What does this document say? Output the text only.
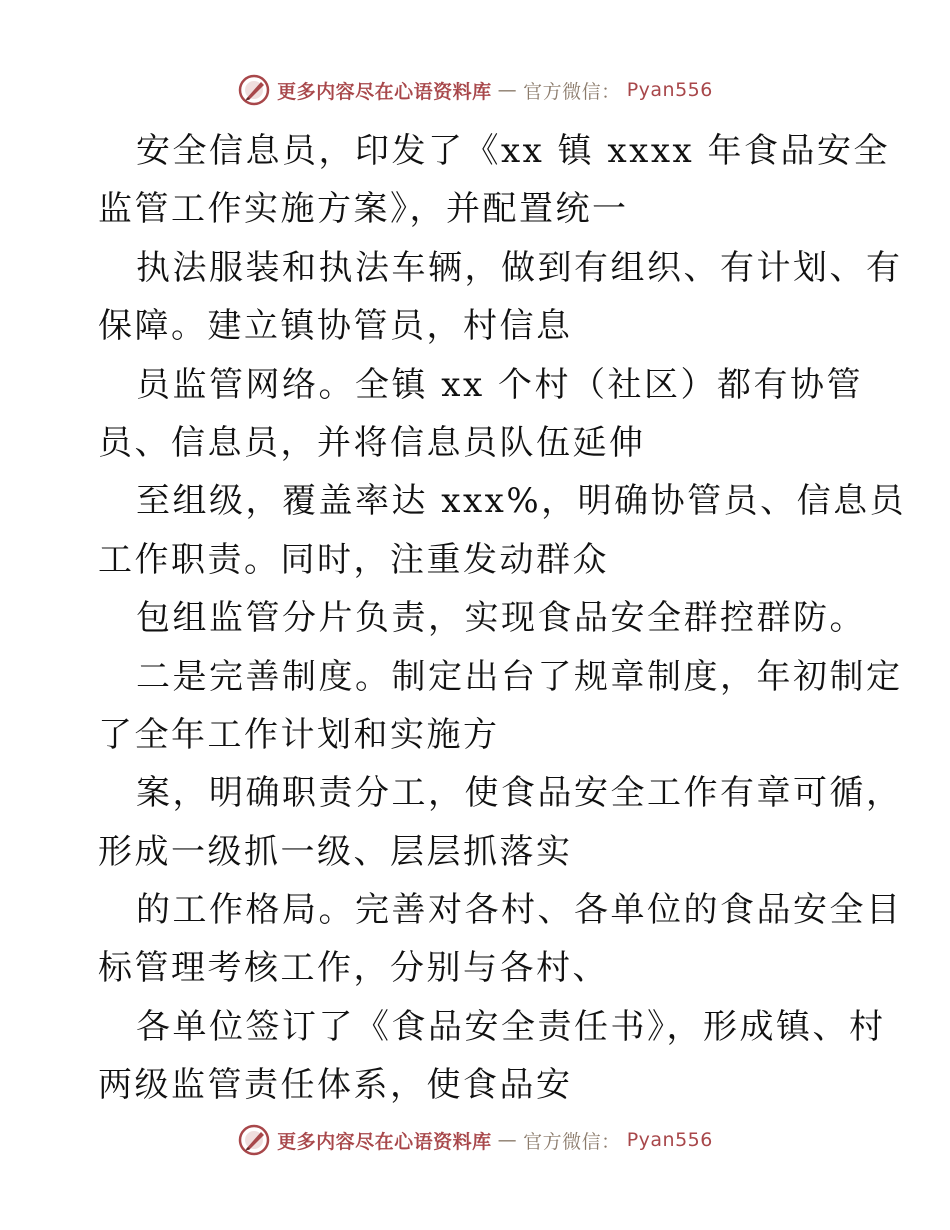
更多内容尽在心语资料库 — 官方微信： Pyan556
安全信息员，印发了《xx 镇 xxxx 年食品安全
监管工作实施方案》，并配置统一
执法服装和执法车辆，做到有组织、有计划、有
保障。建立镇协管员，村信息
员监管网络。全镇 xx 个村（社区）都有协管
员、信息员，并将信息员队伍延伸
至组级，覆盖率达 xxx%，明确协管员、信息员
工作职责。同时，注重发动群众
包组监管分片负责，实现食品安全群控群防。
二是完善制度。制定出台了规章制度，年初制定
了全年工作计划和实施方
案，明确职责分工，使食品安全工作有章可循，
形成一级抓一级、层层抓落实
的工作格局。完善对各村、各单位的食品安全目
标管理考核工作，分别与各村、
各单位签订了《食品安全责任书》，形成镇、村
两级监管责任体系，使食品安
更多内容尽在心语资料库 — 官方微信： Pyan556
